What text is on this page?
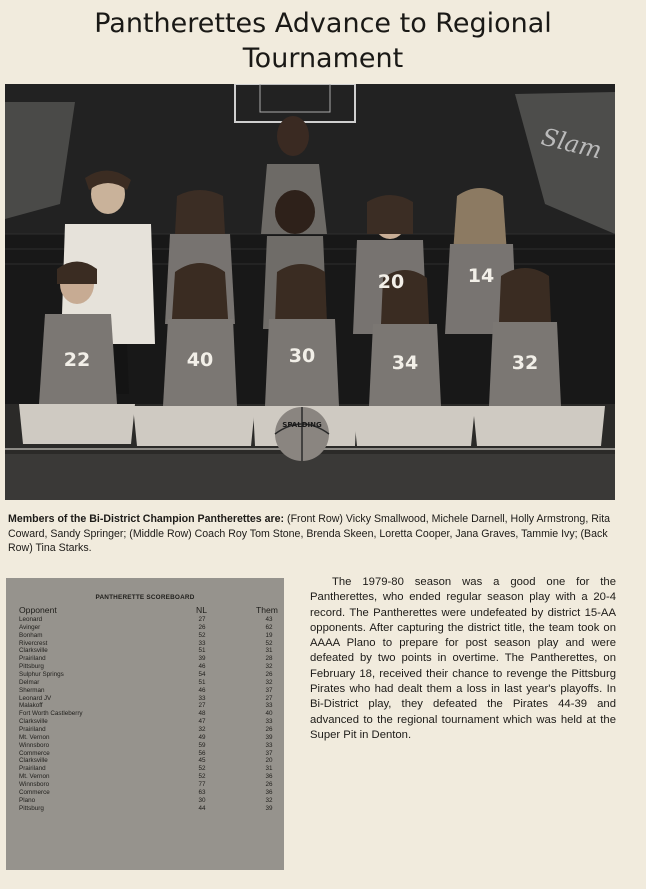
Pantherettes Advance to Regional
Tournament
Slam
22	40	30	34	32
14
20
SPALDING
Members of the Bi-District Champion Pantherettes are: (Front Row) Vicky Smallwood, Michele Darnell, Holly Armstrong, Rita Coward, Sandy Springer; (Middle Row) Coach Roy Tom Stone, Brenda Skeen, Loretta Cooper, Jana Graves, Tammie Ivy; (Back Row) Tina Starks.
PANTHERETTE SCOREBOARD
Opponent	NL	Them
Leonard	27	43
Avinger	26	62
Bonham	52	19
Rivercrest	33	52
Clarksville	51	31
Prairiland	39	28
Pittsburg	46	32
Sulphur Springs	54	26
Delmar	51	32
Sherman	46	37
Leonard JV	33	27
Malakoff	27	33
Fort Worth Castleberry	48	40
Clarksville	47	33
Prairiland	32	26
Mt. Vernon	49	39
Winnsboro	59	33
Commerce	56	37
Clarksville	45	20
Prairiland	52	31
Mt. Vernon	52	36
Winnsboro	77	26
Commerce	63	36
Plano	30	32
Pittsburg	44	39

The 1979-80 season was a good one for the Pantherettes, who ended regular season play with a 20-4 record. The Pantherettes were undefeated by district 15-AA opponents. After capturing the district title, the team took on AAAA Plano to prepare for post season play and were defeated by two points in overtime. The Pantherettes, on February 18, received their chance to revenge the Pittsburg Pirates who had dealt them a loss in last year's playoffs. In Bi-District play, they defeated the Pirates 44-39 and advanced to the regional tournament which was held at the Super Pit in Denton.
